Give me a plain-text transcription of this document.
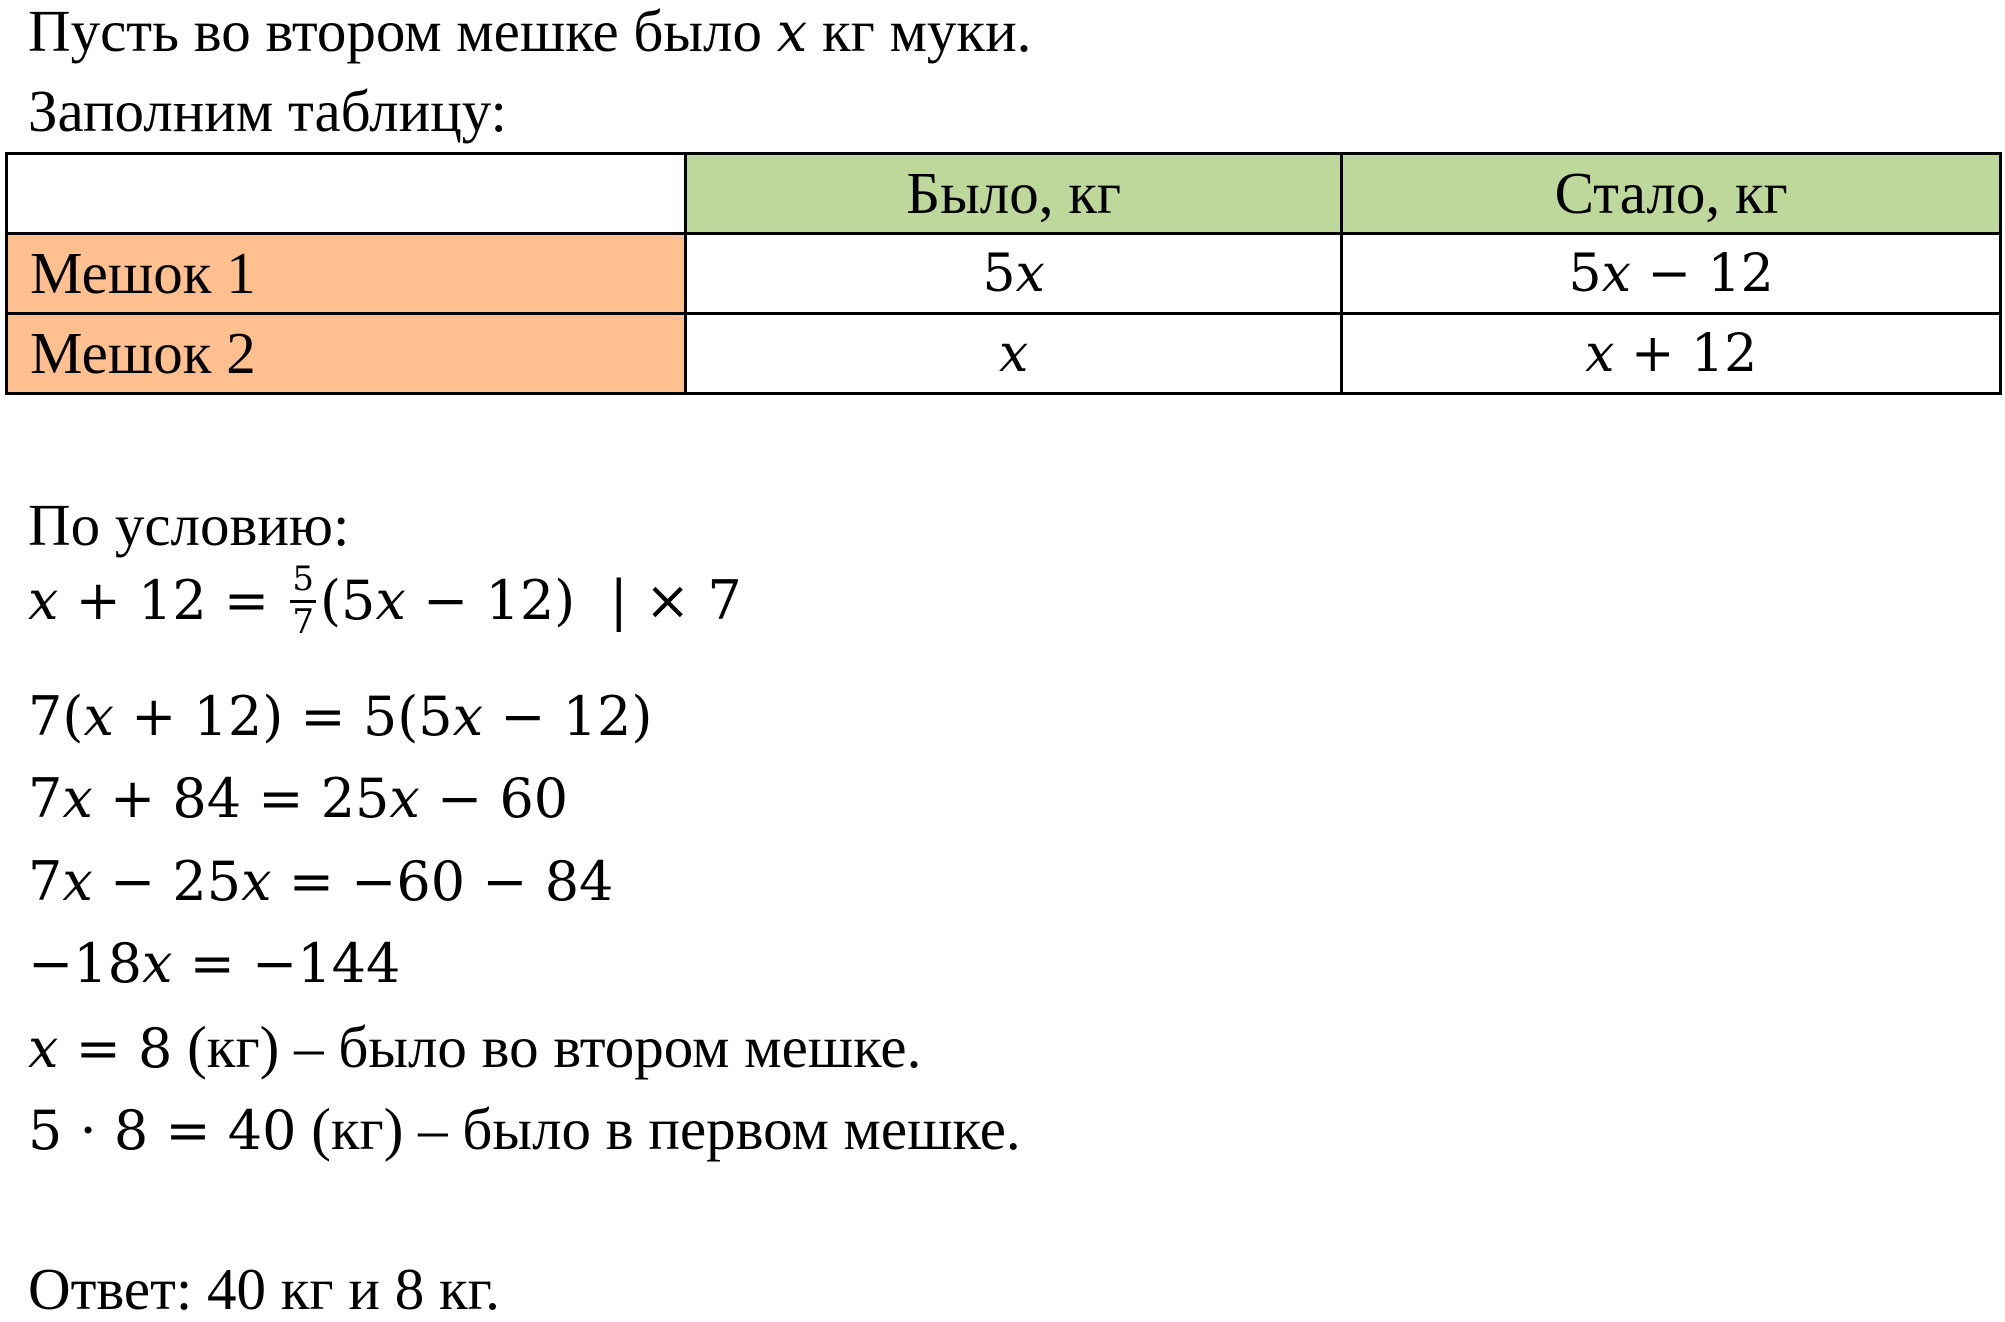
Пусть во втором мешке было x кг муки.
Заполним таблицу:
	Было, кг	Стало, кг
Мешок 1	5x	5x − 12
Мешок 2	x	x + 12
По условию:
$x + 12 = \frac{5}{7} (5x - 12)$  | × 7
7(x + 12) = 5(5x − 12)
7x + 84 = 25x − 60
7x − 25x = −60 − 84
−18x = −144
x = 8 (кг) – было во втором мешке.
5 · 8 = 40 (кг) – было в первом мешке.
Ответ: 40 кг и 8 кг.
